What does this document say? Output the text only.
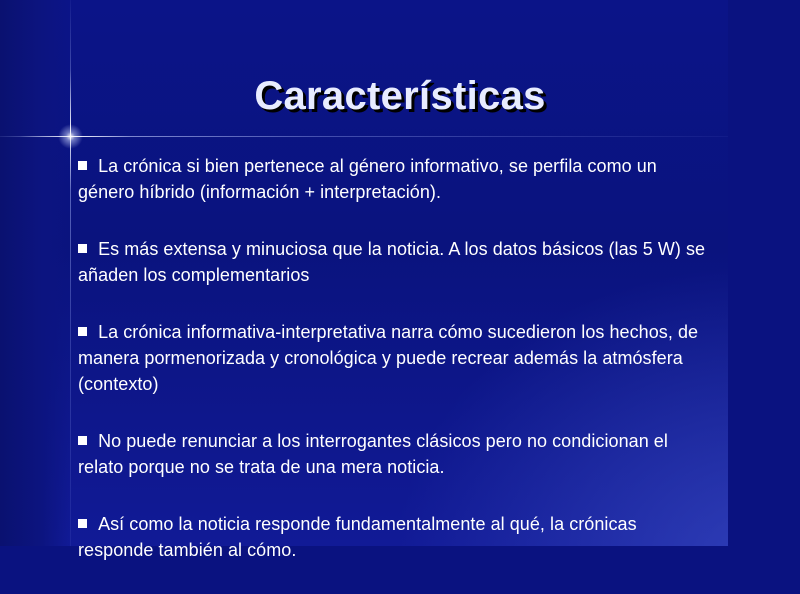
Características
La crónica si bien pertenece al género informativo, se perfila como un género híbrido (información + interpretación).
Es más extensa y minuciosa que la noticia. A los datos básicos (las 5 W) se añaden los complementarios
La crónica informativa-interpretativa narra cómo sucedieron los hechos, de manera pormenorizada y cronológica y puede recrear además la atmósfera (contexto)
No puede renunciar a los interrogantes clásicos pero no condicionan el relato porque no se trata de una mera noticia.
Así como la noticia responde fundamentalmente al qué, la crónicas responde también al cómo.
